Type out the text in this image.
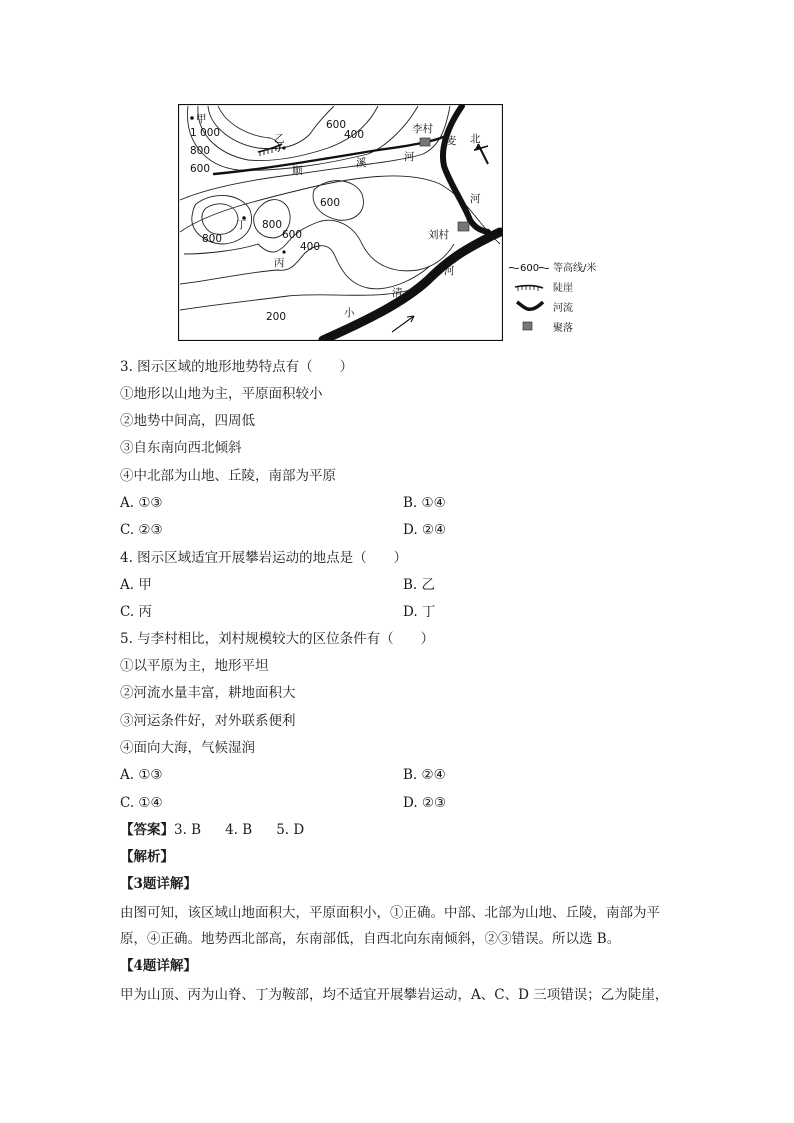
甲
乙
丙
丁
李村
刘村
1 000
800
600
600
400
600
800
800	600
400
200
顺
溪	河
麦
河
河
小
清
北
600 等高线/米
陡崖
河流
聚落
3. 图示区域的地形地势特点有（　　）
①地形以山地为主，平原面积较小
②地势中间高，四周低
③自东南向西北倾斜
④中北部为山地、丘陵，南部为平原
A. ①③	B. ①④
C. ②③	D. ②④
4. 图示区域适宜开展攀岩运动的地点是（　　）
A. 甲	B. 乙
C. 丙	D. 丁
5. 与李村相比，刘村规模较大的区位条件有（　　）
①以平原为主，地形平坦
②河流水量丰富，耕地面积大
③河运条件好，对外联系便利
④面向大海，气候湿润
A. ①③	B. ②④
C. ①④	D. ②③
【答案】3. B 4. B 5. D
【解析】
【3题详解】
由图可知，该区域山地面积大，平原面积小，①正确。中部、北部为山地、丘陵，南部为平原，④正确。地势西北部高，东南部低，自西北向东南倾斜，②③错误。所以选 B。
【4题详解】
甲为山顶、丙为山脊、丁为鞍部，均不适宜开展攀岩运动，A、C、D 三项错误；乙为陡崖，
